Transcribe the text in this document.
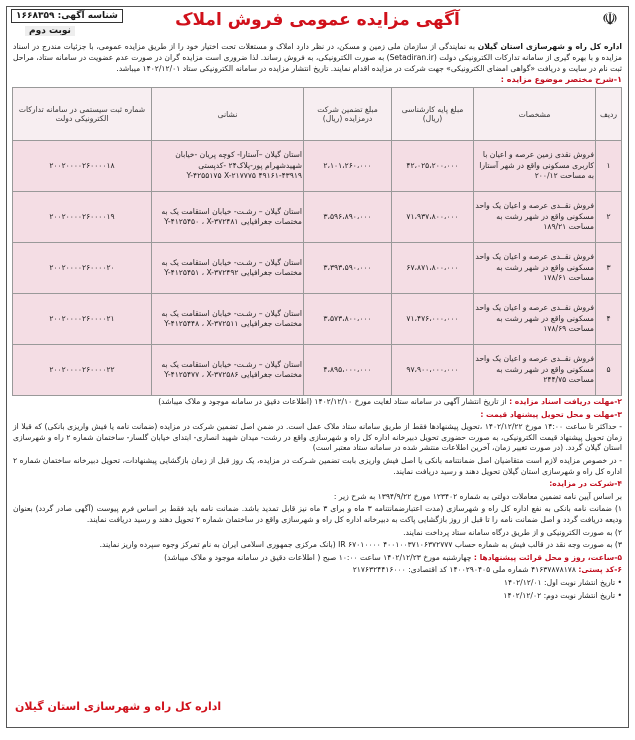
☫
آگهی مزایده عمومی فروش املاک
شناسه آگهی: ۱۶۶۸۳۵۹
نوبت دوم
اداره کل راه و شهرسازی استان گیلان به نمایندگی از سازمان ملی زمین و مسکن، در نظر دارد املاک و مستغلات تحت اختیار خود را از طریق مزایده عمومی، با جزئیات مندرج در اسناد مزایده و با بهره گیری از سامانه تدارکات الکترونیکی دولت (Setadiran.ir) به صورت الکترونیکی، به فروش رساند. لذا ضروری است مزایده گران در صورت عدم عضویت در سامانه ستاد، مراحل ثبت نام در سایت و دریافت «گواهی امضای الکترونیکی» جهت شرکت در مزایده اقدام نمایند. تاریخ انتشار مزایده در سامانه الکترونیکی ستاد ۱۴۰۲/۱۲/۰۱ میباشد.
۱-شرح مختصر موضوع مزایده :
ردیف	مشخصات	مبلغ پایه کارشناسی (ریال)	مبلغ تضمین شرکت درمزایده (ریال)	نشانی	شماره ثبت سیستمی در سامانه تدارکات الکترونیکی دولت
۱	فروش نقدی زمین عرصه و اعیان با کاربری مسکونی واقع در شهر آستارا به مساحت ۲۰۰/۱۲	۴۲،۰۲۵،۲۰۰،۰۰۰	۲،۱۰۱،۲۶۰،۰۰۰	استان گیلان –آستارا- کوچه پریان -خیابان شهیدشهرام پور-پلاک۲۴ -کدپستی ۴۳۹۱۹-۴۹۱۶۱ Y-۴۲۵۵۱۷۵ X-۲۱۷۷۷۵	۲۰۰۲۰۰۰۰۲۶۰۰۰۰۱۸
۲	فروش نقــدی عرصه و اعیان یک واحد مسکونی واقع در شهر رشت به مساحت ۱۸۹/۲۱	۷۱،۹۳۷،۸۰۰،۰۰۰	۳،۵۹۶،۸۹۰،۰۰۰	استان گیلان – رشـت- خیابان استقامت یک به مختصات جغرافیایی Y-۴۱۲۵۴۵۰ ، X-۳۷۲۴۸۱	۲۰۰۲۰۰۰۰۲۶۰۰۰۰۱۹
۳	فروش نقــدی عرصه و اعیان یک واحد مسکونی واقع در شهر رشت به مساحت ۱۷۸/۶۱	۶۷،۸۷۱،۸۰۰،۰۰۰	۳،۳۹۳،۵۹۰،۰۰۰	استان گیلان – رشـت- خیابان استقامت یک به مختصات جغرافیایی Y-۴۱۲۵۴۵۱ ، X-۳۷۲۴۹۲	۲۰۰۲۰۰۰۰۲۶۰۰۰۰۲۰
۴	فروش نقــدی عرصه و اعیان یک واحد مسکونی واقع در شهر رشت به مساحت ۱۷۸/۶۹	۷۱،۴۷۶،۰۰۰،۰۰۰	۳،۵۷۳،۸۰۰،۰۰۰	استان گیلان – رشـت- خیابان استقامت یک به مختصات جغرافیایی Y-۴۱۲۵۴۴۸ ، X-۳۷۲۵۱۱	۲۰۰۲۰۰۰۰۲۶۰۰۰۰۲۱
۵	فروش نقــدی عرصه و اعیان یک واحد مسکونی واقع در شهر رشت به مساحت ۲۴۴/۷۵	۹۷،۹۰۰،۰۰۰،۰۰۰	۴،۸۹۵،۰۰۰،۰۰۰	استان گیلان – رشـت- خیابان استقامت یک به مختصات جغرافیایی Y-۴۱۲۵۴۷۷ ، X-۳۷۲۵۸۶	۲۰۰۲۰۰۰۰۲۶۰۰۰۰۲۲
۲-مهلت دریافت اسناد مزایده : از تاریخ انتشار آگهی در سامانه ستاد لغایت مورخ ۱۴۰۲/۱۲/۱۰ (اطلاعات دقیق در سامانه موجود و ملاک میباشد)
۳-مهلت و محل تحویل پیشنهاد قیمت :
- حداکثر تا ساعت ۱۴:۰۰ مورخ ۱۴۰۲/۱۲/۲۲ ،تحویل پیشنهادها فقط از طریق سامانه ستاد ملاک عمل است. در ضمن اصل تضمین شرکت در مزایده (ضمانت نامه یا فیش واریزی بانکی) که قبلا از زمان تحویل پیشنهاد قیمت الکترونیکی، به صورت حضوری تحویل دبیرخانه اداره کل راه و شهرسازی واقع در رشت- میدان شهید انصاری- ابتدای خیابان گلسار- ساختمان شماره ۲ راه و شهرسازی استان گیلان گردد. (در صورت تغییر زمان، آخرین اطلاعات منتشر شده در سامانه ستاد معتبر است)
- در خصوص مزایده لازم است متقاضیان اصل ضمانتنامه بانکی یا اصل فیش واریزی بابت تضمین شـرکت در مزایده، یک روز قبل از زمان بازگشایی پیشنهادات، تحویل دبیرخانه ساختمان شماره ۲ اداره کل راه و شهرسازی استان گیلان تحویل دهند و رسید دریافت نمایند.
۴-شرکت در مزایده:
بر اساس آیین نامه تضمین معاملات دولتی به شماره ۱۲۳۴۰۲ مورخ ۱۳۹۴/۹/۲۲ به شرح زیر :
۱) ضمانت نامه بانکی به نفع اداره کل راه و شهرسازی (مدت اعتبارضمانتنامه ۳ ماه و برای ۳ ماه نیز قابل تمدید باشد. ضمانت نامه باید فقط بر اساس فرم پیوست (آگهی صادر گردد) بعنوان ودیعه دریافت گردد و اصل ضمانت نامه را تا قبل از روز بازگشایی پاکت به دبیرخانه اداره کل راه و شهرسازی واقع در ساختمان شماره ۲ تحویل دهند و رسید دریافت نمایند.
۲) به صورت الکترونیکی و از طریق درگاه سامانه ستاد پرداخت نمایند.
۳) به صورت وجه نقد در قالب فیش به شماره حساب ۴۰۰۱۰۰۳۷۱۰۶۳۷۲۷۷۷ IR ۶۷۰۱۰۰۰۰ (بانک مرکزی جمهوری اسلامی ایران به نام تمرکز وجوه سپرده واریز نمایند.
۵-ساعت، روز و محل قرائت پیشنهادها : چهارشنبه مورخ ۱۴۰۲/۱۲/۲۳ ساعت ۱۰:۰۰ صبح ( اطلاعات دقیق در سامانه موجود و ملاک میباشد)
۶-کد پستی: ۴۱۶۳۷۸۷۸۱۷۸ شماره ملی ۱۴۰۰۲۹۰۴۰۵ کد اقتصادی: ۲۱۷۶۳۲۴۴۱۶۰۰۰
• تاریخ انتشار نوبت اول: ۱۴۰۲/۱۲/۰۱
• تاریخ انتشار نوبت دوم: ۱۴۰۲/۱۲/۰۲
اداره کل راه و شهرسازی استان گیلان
